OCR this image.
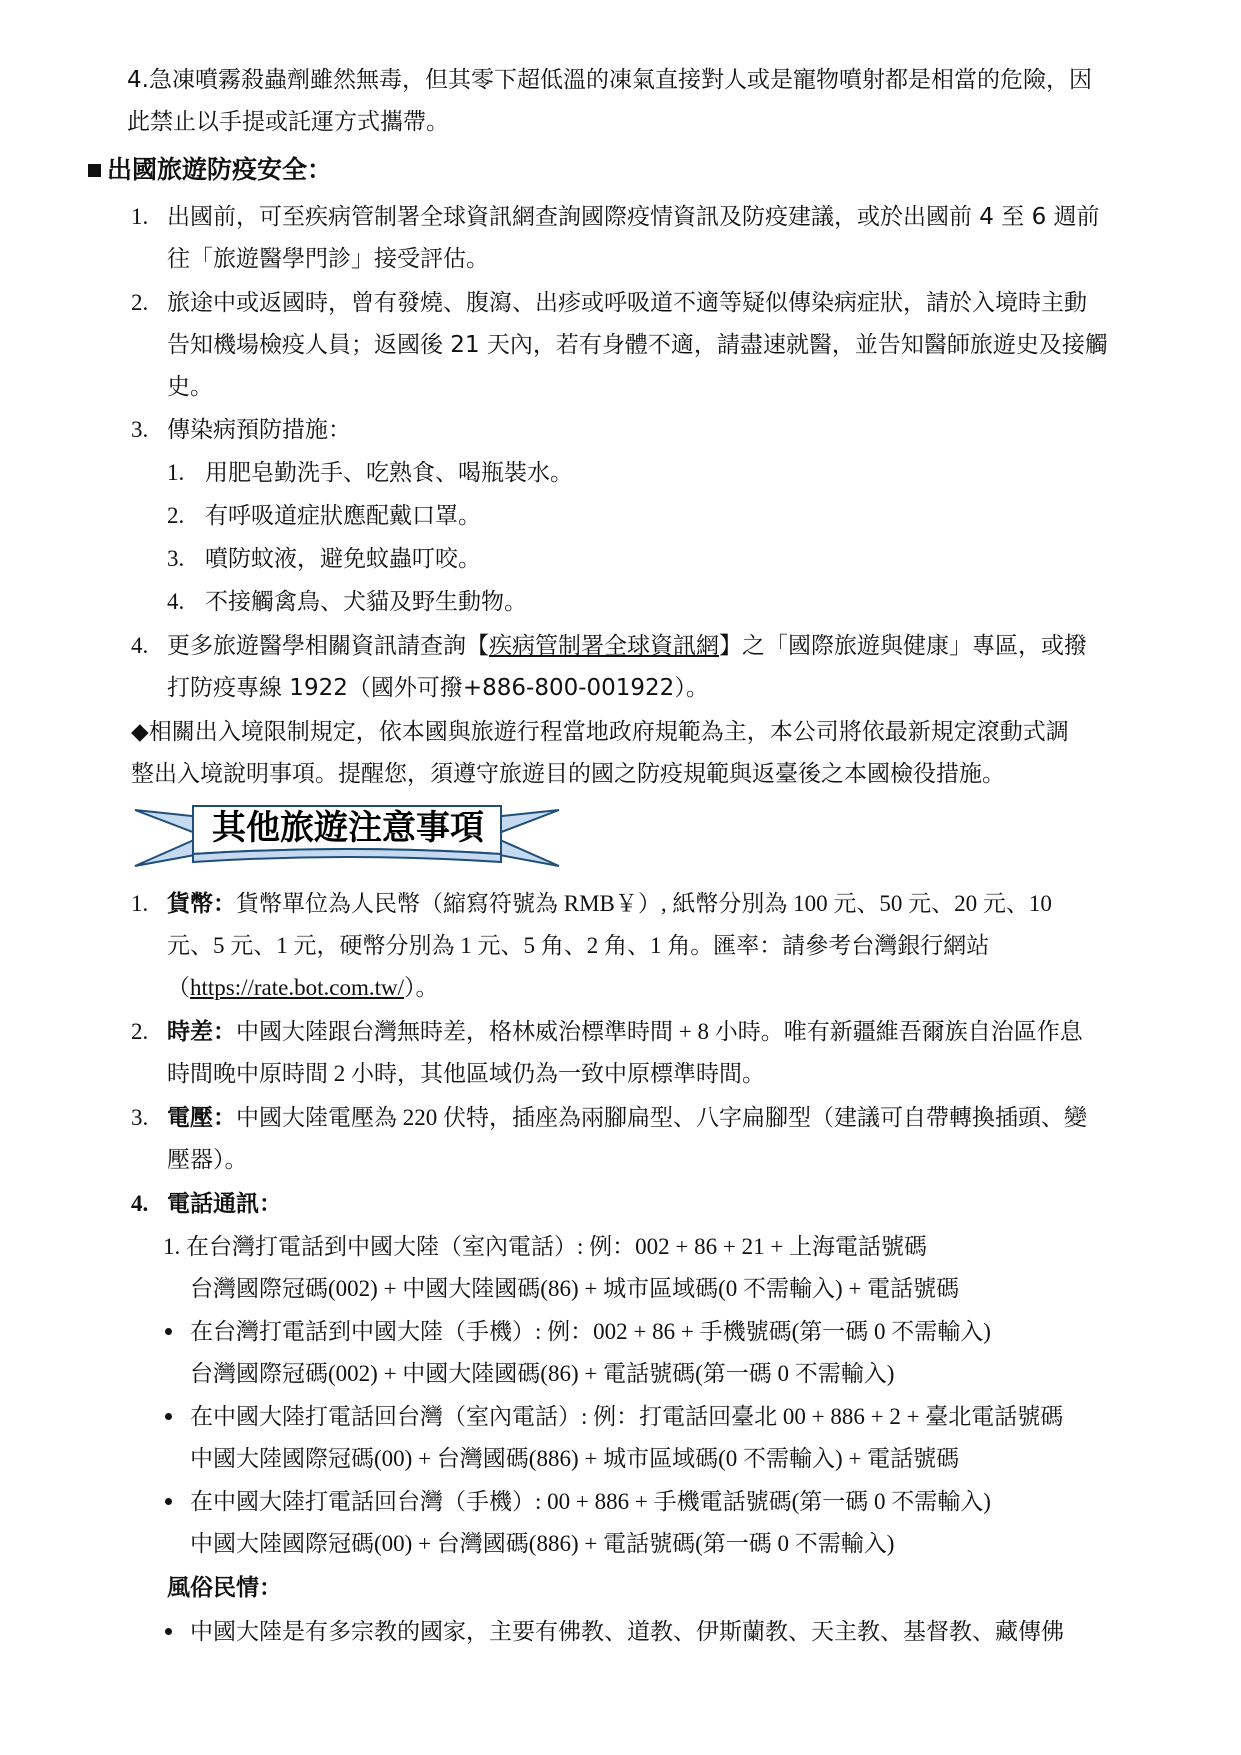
4.急凍噴霧殺蟲劑雖然無毒，但其零下超低溫的凍氣直接對人或是寵物噴射都是相當的危險，因
此禁止以手提或託運方式攜帶。
出國旅遊防疫安全：
1. 出國前，可至疾病管制署全球資訊網查詢國際疫情資訊及防疫建議，或於出國前 4 至 6 週前
往「旅遊醫學門診」接受評估。
2. 旅途中或返國時，曾有發燒、腹瀉、出疹或呼吸道不適等疑似傳染病症狀，請於入境時主動
告知機場檢疫人員；返國後 21 天內，若有身體不適，請盡速就醫，並告知醫師旅遊史及接觸
史。
3. 傳染病預防措施：
1. 用肥皂勤洗手、吃熟食、喝瓶裝水。
2. 有呼吸道症狀應配戴口罩。
3. 噴防蚊液，避免蚊蟲叮咬。
4. 不接觸禽鳥、犬貓及野生動物。
4. 更多旅遊醫學相關資訊請查詢【疾病管制署全球資訊網】之「國際旅遊與健康」專區，或撥
打防疫專線 1922（國外可撥+886-800-001922）。
◆相關出入境限制規定，依本國與旅遊行程當地政府規範為主，本公司將依最新規定滾動式調
整出入境說明事項。提醒您，須遵守旅遊目的國之防疫規範與返臺後之本國檢役措施。
其他旅遊注意事項
1. 貨幣：貨幣單位為人民幣（縮寫符號為 RMB￥）, 紙幣分別為 100 元、50 元、20 元、10
元、5 元、1 元，硬幣分別為 1 元、5 角、2 角、1 角。匯率：請參考台灣銀行網站
（https://rate.bot.com.tw/）。
2. 時差：中國大陸跟台灣無時差，格林威治標準時間 + 8 小時。唯有新疆維吾爾族自治區作息
時間晚中原時間 2 小時，其他區域仍為一致中原標準時間。
3. 電壓：中國大陸電壓為 220 伏特，插座為兩腳扁型、八字扁腳型（建議可自帶轉換插頭、變
壓器）。
4. 電話通訊：
1. 在台灣打電話到中國大陸（室內電話）: 例：002 + 86 + 21 + 上海電話號碼
台灣國際冠碼(002) + 中國大陸國碼(86) + 城市區域碼(0 不需輸入) + 電話號碼
在台灣打電話到中國大陸（手機）: 例：002 + 86 + 手機號碼(第一碼 0 不需輸入)
台灣國際冠碼(002) + 中國大陸國碼(86) + 電話號碼(第一碼 0 不需輸入)
在中國大陸打電話回台灣（室內電話）: 例：打電話回臺北 00 + 886 + 2 + 臺北電話號碼
中國大陸國際冠碼(00) + 台灣國碼(886) + 城市區域碼(0 不需輸入) + 電話號碼
在中國大陸打電話回台灣（手機）: 00 + 886 + 手機電話號碼(第一碼 0 不需輸入)
中國大陸國際冠碼(00) + 台灣國碼(886) + 電話號碼(第一碼 0 不需輸入)
風俗民情：
中國大陸是有多宗教的國家，主要有佛教、道教、伊斯蘭教、天主教、基督教、藏傳佛
